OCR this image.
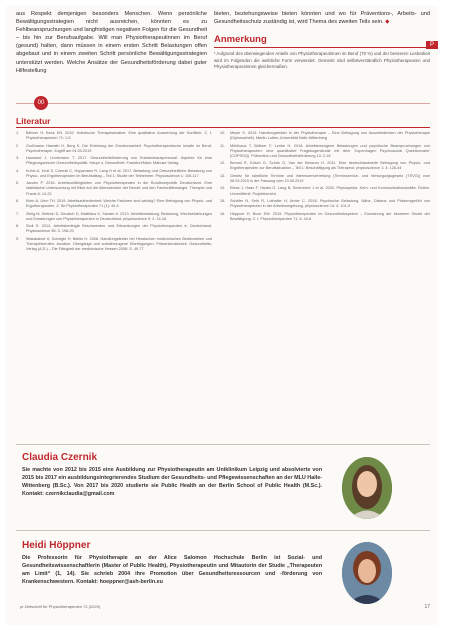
aus Respekt demjenigen besonders Menschen. Wenn persönliche Bewältigungsstrategien nicht ausreichen, könnten es zu Fehlbeanspruchungen und langfristigen negativen Folgen für die Gesundheit – bis hin zur Berufsaufgabe. Will man Physiotherapeutinnen im Beruf (gesund) halten, dann müssen in einem ersten Schritt Belastungen offen abgebaut und in einem zweiten Schritt persönliche Bewältigungsstrategien unterstützt werden. Welche Ansätze der Gesundheitsförderung dabei guter Hilfestellung

bieten, beziehungsweise bieten könnten und wo für Präventions-, Arbeits- und Gesundheitsschutz zuständig ist, wird Thema des zweiten Teils sein. ◆

Anmerkung
¹ Aufgrund des überwiegenden Anteils von Physiotherapeutinnen im Beruf (70 %) und der besseren Lesbarkeit wird im Folgenden die weibliche Form verwendet. Gemeint sind selbstverständlich Physiotherapeuten und Physiotherapeutinnen gleichermaßen.
P
00
Literatur
1.	Bähner H, Bock EN. 2019. Holistische Therapieansätze: Eine qualitative Auswertung der Konflikte. Z. f. Physiotherapeuten 71: 1-5
2.	Großmann Hanrath H, Berg K. Die Erfahrung der Emotionsarbeit. Psychotherapeutische Inhalte im Beruf. Psychotherapie. Zugriff am 01.03.2019
3.	Hausdorf J, Lindemann T. 2017. Gesundheitsförderung von Krankenhauspersonal. Aspekte für eine Pflegeorganische Gesundheitspolitik. Haupt u. Gesundheit. Frankfurt/Main: Mabuse Verlag
4.	Kuhlo A, Kroll S, Czernik C, Hoppmann R, Lang H et al. 2017. Belastung und Gesundheitliche Belastung von Physio- und Ergotherapeuten im Berufsalltag – Teil 1: Studie der Teilnehmer. Physioscience 1: 108-117
5.	Jacobs P. 2016. Arbeitsunfähigkeiten von Physiotherapeuten in der Bundesrepublik Deutschland. Eine statistische Untersuchung mit Blick auf die Altersstruktur der Berufe und den Fachkräftemangel. Therapie und Praxis 6: 14-23
6.	Klein A, Uhm TH. 2019. Arbeitszufriedenheit: Welche Faktoren sind wichtig? Eine Befragung von Physio- und Ergotherapeuten. Z. für Physiotherapeuten 71 (1): 40-4
7.	Zielig M, Dietrich D, Deutsch D, Matthäus K, Sander A. 2013. Arbeitsbelastung, Belastung, Wechselwirkungen und Erwartungen von Physiotherapeuten in Deutschland. physioscience 9: 2. 14-18
8.	Stoll S. 2014. Arbeitsbedingte Beschwerden und Erkrankungen der Physiotherapeuten in Deutschland. Physioscience 55: 3. 198-20
9.	Wasskainer A, Scheigle H, Bielitz H. 2008. Handlungsfelder bei Hessischen medizinischen Bedienstelen und Therapieberufen: Ansätze, Übergänge und sozialbezogene Überlegungen. Präventionsbezirk. Gesundheits-Verlag (A.D.) – Die Fähigkeit der medizinische Hessen 2008: S. 49-77
10.	Meyer S. 2015. Handlungsfelder in der Physiotherapie – Eine Befragung von Auszubildenden der Physiotherapie (Diplomarbeit). Martin-Luther-Universität Halle-Wittenberg
11.	Mühlhaus T, Büttner F, Lenke H. 2018. Arbeitsbezogene Belastungen und psychische Beanspruchungen von Physiotherapeuten: eine quantitative Fragebogenstudie mit dem 'Copenhagen Psychosocial Questionnaire' (COPSOQ). Prävention und Gesundheitsförderung 13: 2-18
12.	Bencal R, Kösch G, Schüs G, Van der Bessum H. 2011. Eine deutschlandweite Befragung von Physio- und Ergotherapeuten zur Berufssituation – Teil 1: Beschäftigung als Therapeut. physioscience 1: 4: 128-44
13.	Gesetz für sämtliche Termine und Interessenvertretung (Terminservice- und Versorgungsgesetz (TSVG)) vom 06.03.2019 in der Fassung vom 10.05.2019
14.	Eleas J, Haas F, Haubs G, Lang B, Schmelzer J et al. 2020. Physiopedia. Kern- und Kommunikationskräfte. Rollen. Unveröffentl. Projektbericht
15.	Schäfer N, Seib R, Lothaller H, Amler C. 2018. Psychische Belastung, Nähe, Distanz und Präsenzgefühl von Physiotherapeuten in der Arbeitsumgebung. physioscience 14: 4. 101-9
16.	Höppner H, Buch EW. 2019. Physiotherapeuten im Gesundheitssystem – Einordnung der besseren Studie der Bewältigung. Z. f. Physiotherapeuten 71: 6. 44-6
Claudia Czernik
Sie machte von 2012 bis 2015 eine Ausbildung zur Physiotherapeutin am Uniklinikum Leipzig und absolvierte von 2015 bis 2017 ein ausbildungsintegrierendes Studium der Gesundheits- und Pflegewissenschaften an der MLU Halle-Wittenberg (B.Sc.). Von 2017 bis 2020 studierte sie Public Health an der Berlin School of Public Health (M.Sc.). Kontakt: czernikclaudia@gmail.com
Heidi Höppner
Die Professorin für Physiotherapie an der Alice Salomon Hochschule Berlin ist Sozial- und Gesundheitswissenschaftlerin (Master of Public Health), Physiotherapeutin und Mitautorin der Studie „Therapeuten am Limit“ (1, 14). Sie schrieb 2004 ihre Promotion über Gesundheitsressourcen und -förderung von Krankenschwestern. Kontakt: hoeppner@ash-berlin.eu
pt Zeitschrift für Physiotherapeuten 72 (2020)	17
